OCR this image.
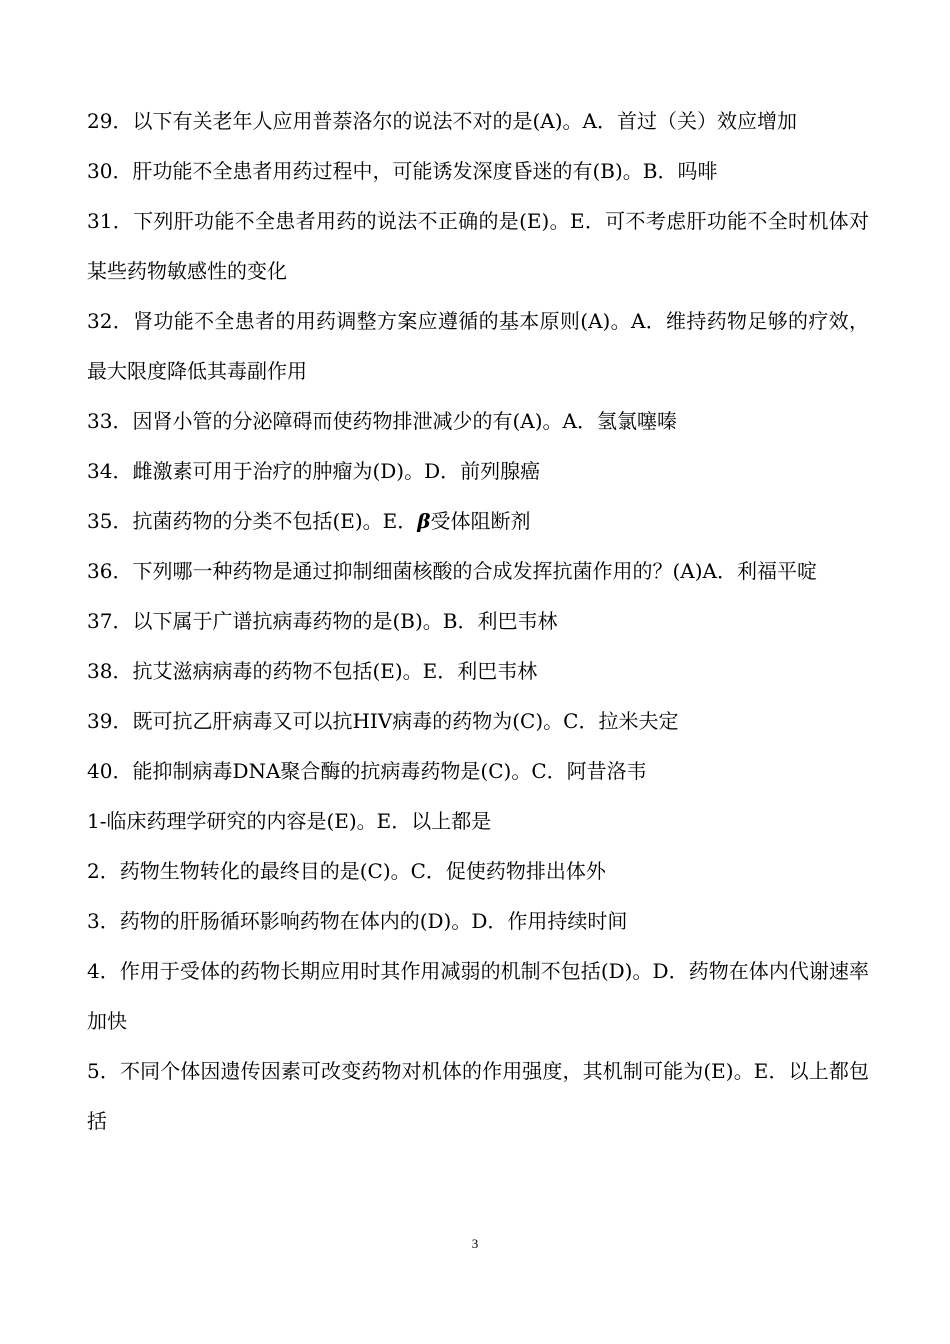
29．以下有关老年人应用普萘洛尔的说法不对的是(A)。A．首过（关）效应增加

30．肝功能不全患者用药过程中，可能诱发深度昏迷的有(B)。B．吗啡

31．下列肝功能不全患者用药的说法不正确的是(E)。E．可不考虑肝功能不全时机体对某些药物敏感性的变化

32．肾功能不全患者的用药调整方案应遵循的基本原则(A)。A．维持药物足够的疗效，最大限度降低其毒副作用

33．因肾小管的分泌障碍而使药物排泄减少的有(A)。A．氢氯噻嗪

34．雌激素可用于治疗的肿瘤为(D)。D．前列腺癌

35．抗菌药物的分类不包括(E)。E．β受体阻断剂

36．下列哪一种药物是通过抑制细菌核酸的合成发挥抗菌作用的？(A)A．利福平啶

37．以下属于广谱抗病毒药物的是(B)。B．利巴韦林

38．抗艾滋病病毒的药物不包括(E)。E．利巴韦林

39．既可抗乙肝病毒又可以抗HIV病毒的药物为(C)。C．拉米夫定

40．能抑制病毒DNA聚合酶的抗病毒药物是(C)。C．阿昔洛韦

1-临床药理学研究的内容是(E)。E．以上都是

2．药物生物转化的最终目的是(C)。C．促使药物排出体外

3．药物的肝肠循环影响药物在体内的(D)。D．作用持续时间

4．作用于受体的药物长期应用时其作用减弱的机制不包括(D)。D．药物在体内代谢速率加快

5．不同个体因遗传因素可改变药物对机体的作用强度，其机制可能为(E)。E．以上都包括

3
